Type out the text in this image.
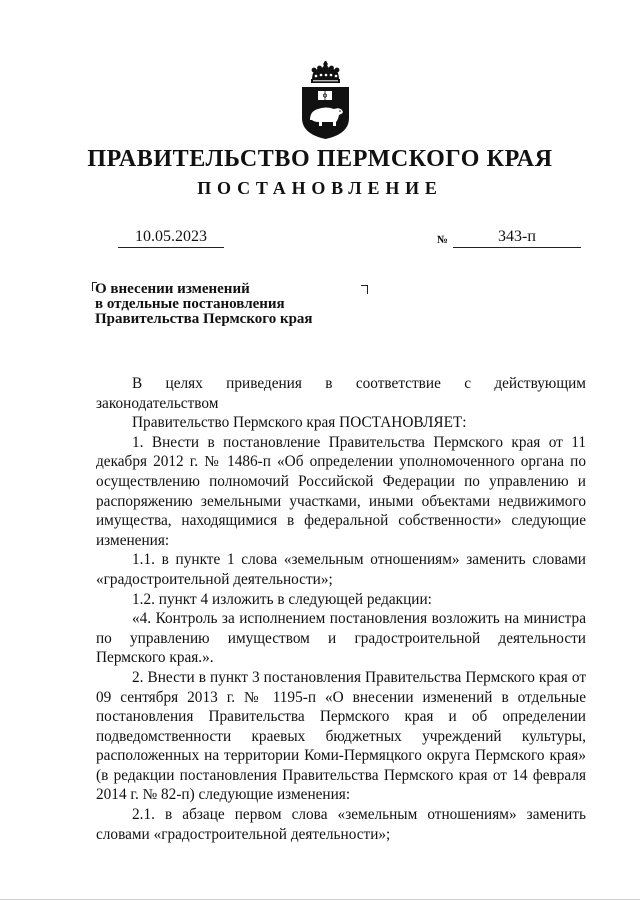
ПРАВИТЕЛЬСТВО ПЕРМСКОГО КРАЯ
ПОСТАНОВЛЕНИЕ
10.05.2023	№	343-п
О внесении изменений
в отдельные постановления
Правительства Пермского края

В целях приведения в соответствие с действующим законодательством

Правительство Пермского края ПОСТАНОВЛЯЕТ:

1. Внести в постановление Правительства Пермского края от 11 декабря 2012 г. № 1486-п «Об определении уполномоченного органа по осуществлению полномочий Российской Федерации по управлению и распоряжению земельными участками, иными объектами недвижимого имущества, находящимися в федеральной собственности» следующие изменения:

1.1. в пункте 1 слова «земельным отношениям» заменить словами «градостроительной деятельности»;

1.2. пункт 4 изложить в следующей редакции:

«4. Контроль за исполнением постановления возложить на министра по управлению имуществом и градостроительной деятельности Пермского края.».

2. Внести в пункт 3 постановления Правительства Пермского края от 09 сентября 2013 г. № 1195-п «О внесении изменений в отдельные постановления Правительства Пермского края и об определении подведомственности краевых бюджетных учреждений культуры, расположенных на территории Коми-Пермяцкого округа Пермского края» (в редакции постановления Правительства Пермского края от 14 февраля 2014 г. № 82-п) следующие изменения:

2.1. в абзаце первом слова «земельным отношениям» заменить словами «градостроительной деятельности»;
